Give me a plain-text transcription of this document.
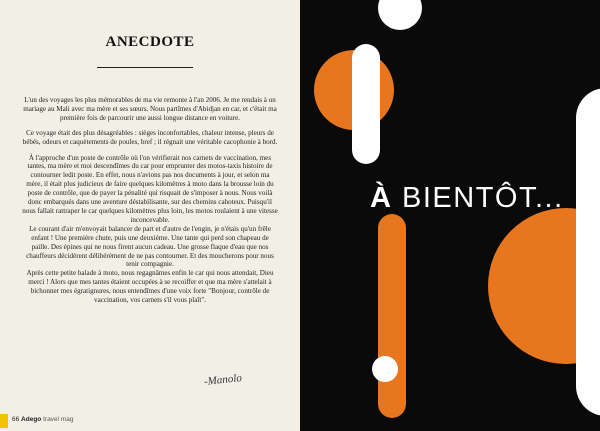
ANECDOTE

L'un des voyages les plus mémorables de ma vie remonte à l'an 2006. Je me rendais à un mariage au Mali avec ma mère et ses sœurs. Nous partîmes d'Abidjan en car, et c'était ma première fois de parcourir une aussi longue distance en voiture.

Ce voyage était des plus désagréables : sièges inconfortables, chaleur intense, pleurs de bébés, odeurs et caquètements de poules, bref ; il régnait une véritable cacophonie à bord.

À l'approche d'un poste de contrôle où l'on vérifierait nos carnets de vaccination, mes tantes, ma mère et moi descendîmes du car pour emprunter des motos-taxis histoire de contourner ledit poste. En effet, nous n'avions pas nos documents à jour, et selon ma mère, il était plus judicieux de faire quelques kilomètres à moto dans la brousse loin du poste de contrôle, que de payer la pénalité qui risquait de s'imposer à nous. Nous voilà donc embarqués dans une aventure déstabilisante, sur des chemins cahoteux. Puisqu'il nous fallait rattraper le car quelques kilomètres plus loin, les motos roulaient à une vitesse inconcevable.

Le courant d'air m'envoyait balancer de part et d'autre de l'engin, je n'étais qu'un frêle enfant ! Une première chute, puis une deuxième. Une tante qui perd son chapeau de paille. Des épines qui ne nous firent aucun cadeau. Une grosse flaque d'eau que nos chauffeurs décidèrent délibérément de ne pas contourner. Et des moucherons pour nous tenir compagnie.

Après cette petite balade à moto, nous regagnâmes enfin le car qui nous attendait, Dieu merci ! Alors que mes tantes étaient occupées à se recoiffer et que ma mère s'attelait à bichonner mes égratignures, nous entendîmes d'une voix forte "Bonjour, contrôle de vaccination, vos carnets s'il vous plaît".

-Manolo
66 Adego travel mag
À BIENTÔT...
